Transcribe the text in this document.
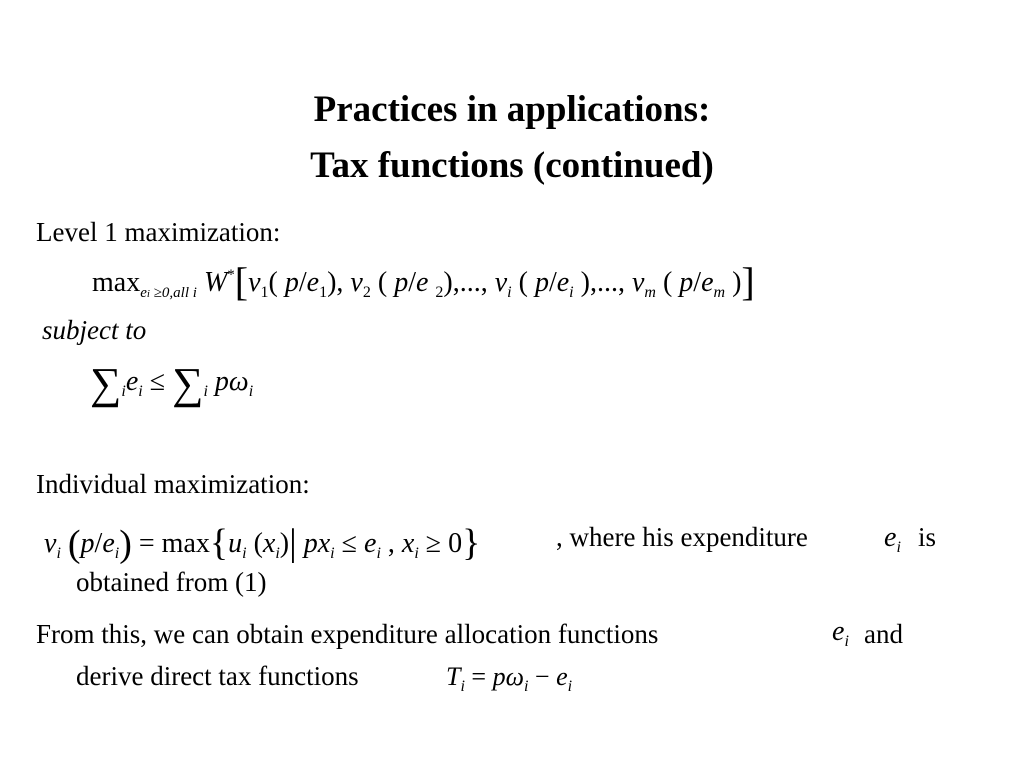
Practices in applications:
Tax functions (continued)
Level 1 maximization:
$\max_{ei \ge 0,all i} W^*[v_1$( $p/e_1$), $v_2$ ( p/e $_2$),..., $v_i$ ( $p/e_i$ ),..., $v_m$ ( $p/e_m$ )]
subject to
$\sum_ie_i \le \sum_i$ $p\omega_i$
Individual maximization:
$v_i$ $(p/e_i) = \max\{u_i$ $(x_i)|$ $px_i \le e_i$ , $x_i \ge 0$}	, where his expenditure	$e_i$ is
obtained from (1)
From this, we can obtain expenditure allocation functions	$e_i$ and
derive direct tax functions	$T_i = p\omega_i - e_i$
